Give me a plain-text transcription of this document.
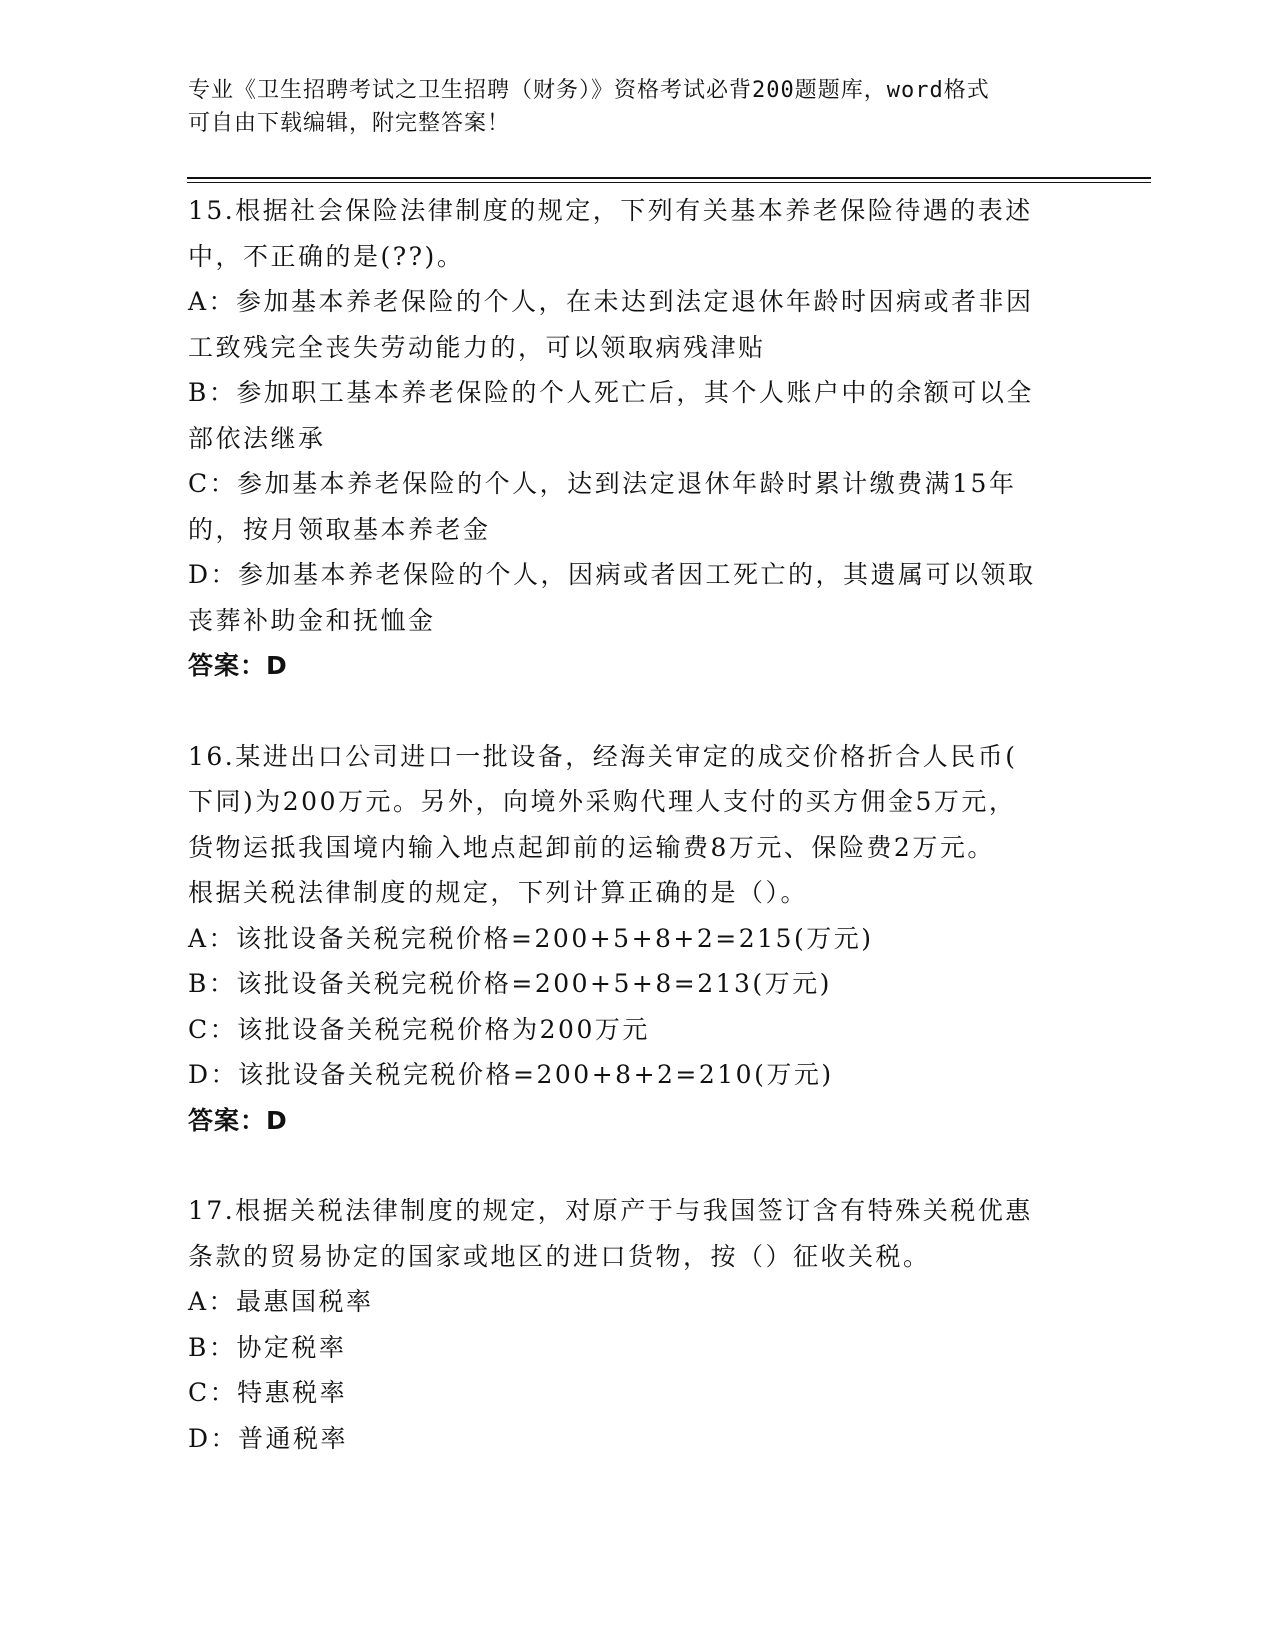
专业《卫生招聘考试之卫生招聘（财务）》资格考试必背200题题库，word格式
可自由下载编辑，附完整答案！
15.根据社会保险法律制度的规定，下列有关基本养老保险待遇的表述
中，不正确的是(??)。
A：参加基本养老保险的个人，在未达到法定退休年龄时因病或者非因
工致残完全丧失劳动能力的，可以领取病残津贴
B：参加职工基本养老保险的个人死亡后，其个人账户中的余额可以全
部依法继承
C：参加基本养老保险的个人，达到法定退休年龄时累计缴费满15年
的，按月领取基本养老金
D：参加基本养老保险的个人，因病或者因工死亡的，其遗属可以领取
丧葬补助金和抚恤金
答案：D
16.某进出口公司进口一批设备，经海关审定的成交价格折合人民币(
下同)为200万元。另外，向境外采购代理人支付的买方佣金5万元，
货物运抵我国境内输入地点起卸前的运输费8万元、保险费2万元。
根据关税法律制度的规定，下列计算正确的是（）。
A：该批设备关税完税价格=200+5+8+2=215(万元)
B：该批设备关税完税价格=200+5+8=213(万元)
C：该批设备关税完税价格为200万元
D：该批设备关税完税价格=200+8+2=210(万元)
答案：D
17.根据关税法律制度的规定，对原产于与我国签订含有特殊关税优惠
条款的贸易协定的国家或地区的进口货物，按（）征收关税。
A：最惠国税率
B：协定税率
C：特惠税率
D：普通税率
